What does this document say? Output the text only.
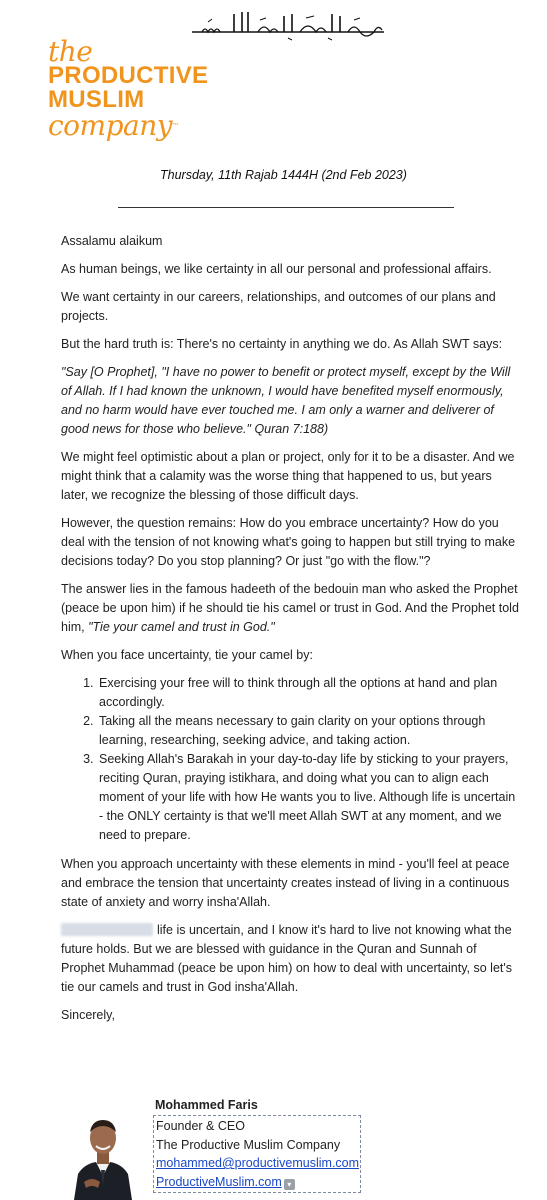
the
PRODUCTIVE
MUSLIM
company™
Thursday, 11th Rajab 1444H (2nd Feb 2023)

Assalamu alaikum

As human beings, we like certainty in all our personal and professional affairs.

We want certainty in our careers, relationships, and outcomes of our plans and projects.

But the hard truth is: There's no certainty in anything we do. As Allah SWT says:

"Say [O Prophet], "I have no power to benefit or protect myself, except by the Will of Allah. If I had known the unknown, I would have benefited myself enormously, and no harm would have ever touched me. I am only a warner and deliverer of good news for those who believe." Quran 7:188)

We might feel optimistic about a plan or project, only for it to be a disaster. And we might think that a calamity was the worse thing that happened to us, but years later, we recognize the blessing of those difficult days.

However, the question remains: How do you embrace uncertainty? How do you deal with the tension of not knowing what's going to happen but still trying to make decisions today? Do you stop planning? Or just "go with the flow."?

The answer lies in the famous hadeeth of the bedouin man who asked the Prophet (peace be upon him) if he should tie his camel or trust in God. And the Prophet told him, "Tie your camel and trust in God."

When you face uncertainty, tie your camel by:

1. Exercising your free will to think through all the options at hand and plan accordingly.
2. Taking all the means necessary to gain clarity on your options through learning, researching, seeking advice, and taking action.
3. Seeking Allah's Barakah in your day-to-day life by sticking to your prayers, reciting Quran, praying istikhara, and doing what you can to align each moment of your life with how He wants you to live. Although life is uncertain - the ONLY certainty is that we'll meet Allah SWT at any moment, and we need to prepare.

When you approach uncertainty with these elements in mind - you'll feel at peace and embrace the tension that uncertainty creates instead of living in a continuous state of anxiety and worry insha'Allah.

life is uncertain, and I know it's hard to live not knowing what the future holds. But we are blessed with guidance in the Quran and Sunnah of Prophet Muhammad (peace be upon him) on how to deal with uncertainty, so let's tie our camels and trust in God insha'Allah.

Sincerely,

Mohammed Faris
Founder & CEO
The Productive Muslim Company
mohammed@productivemuslim.com
ProductiveMuslim.com ▾
